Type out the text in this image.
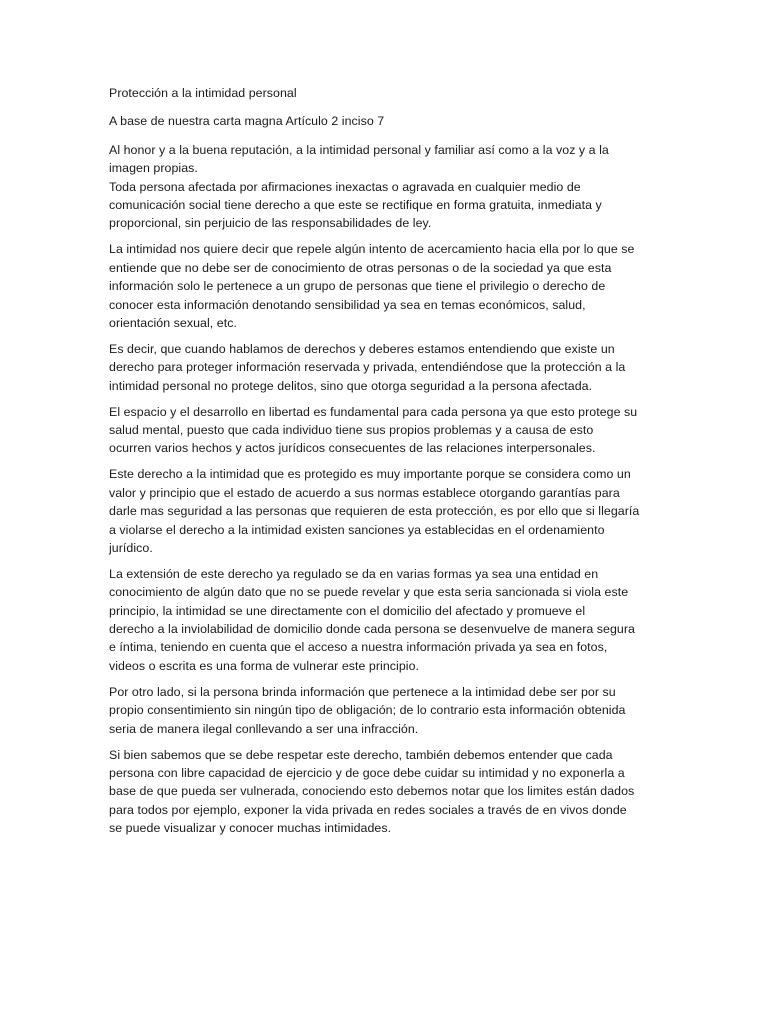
Protección a la intimidad personal
A base de nuestra carta magna Artículo 2 inciso 7
Al honor y a la buena reputación, a la intimidad personal y familiar así como a la voz y a la
imagen propias.
Toda persona afectada por afirmaciones inexactas o agravada en cualquier medio de
comunicación social tiene derecho a que este se rectifique en forma gratuita, inmediata y
proporcional, sin perjuicio de las responsabilidades de ley.
La intimidad nos quiere decir que repele algún intento de acercamiento hacia ella por lo que se
entiende que no debe ser de conocimiento de otras personas o de la sociedad ya que esta
información solo le pertenece a un grupo de personas que tiene el privilegio o derecho de
conocer esta información denotando sensibilidad ya sea en temas económicos, salud,
orientación sexual, etc.
Es decir, que cuando hablamos de derechos y deberes estamos entendiendo que existe un
derecho para proteger información reservada y privada, entendiéndose que la protección a la
intimidad personal no protege delitos, sino que otorga seguridad a la persona afectada.
El espacio y el desarrollo en libertad es fundamental para cada persona ya que esto protege su
salud mental, puesto que cada individuo tiene sus propios problemas y a causa de esto
ocurren varios hechos y actos jurídicos consecuentes de las relaciones interpersonales.
Este derecho a la intimidad que es protegido es muy importante porque se considera como un
valor y principio que el estado de acuerdo a sus normas establece otorgando garantías para
darle mas seguridad a las personas que requieren de esta protección, es por ello que si llegaría
a violarse el derecho a la intimidad existen sanciones ya establecidas en el ordenamiento
jurídico.
La extensión de este derecho ya regulado se da en varias formas ya sea una entidad en
conocimiento de algún dato que no se puede revelar y que esta seria sancionada si viola este
principio, la intimidad se une directamente con el domicilio del afectado y promueve el
derecho a la inviolabilidad de domicilio donde cada persona se desenvuelve de manera segura
e íntima, teniendo en cuenta que el acceso a nuestra información privada ya sea en fotos,
videos o escrita es una forma de vulnerar este principio.
Por otro lado, si la persona brinda información que pertenece a la intimidad debe ser por su
propio consentimiento sin ningún tipo de obligación; de lo contrario esta información obtenida
seria de manera ilegal conllevando a ser una infracción.
Si bien sabemos que se debe respetar este derecho, también debemos entender que cada
persona con libre capacidad de ejercicio y de goce debe cuidar su intimidad y no exponerla a
base de que pueda ser vulnerada, conociendo esto debemos notar que los limites están dados
para todos por ejemplo, exponer la vida privada en redes sociales a través de en vivos donde
se puede visualizar y conocer muchas intimidades.
